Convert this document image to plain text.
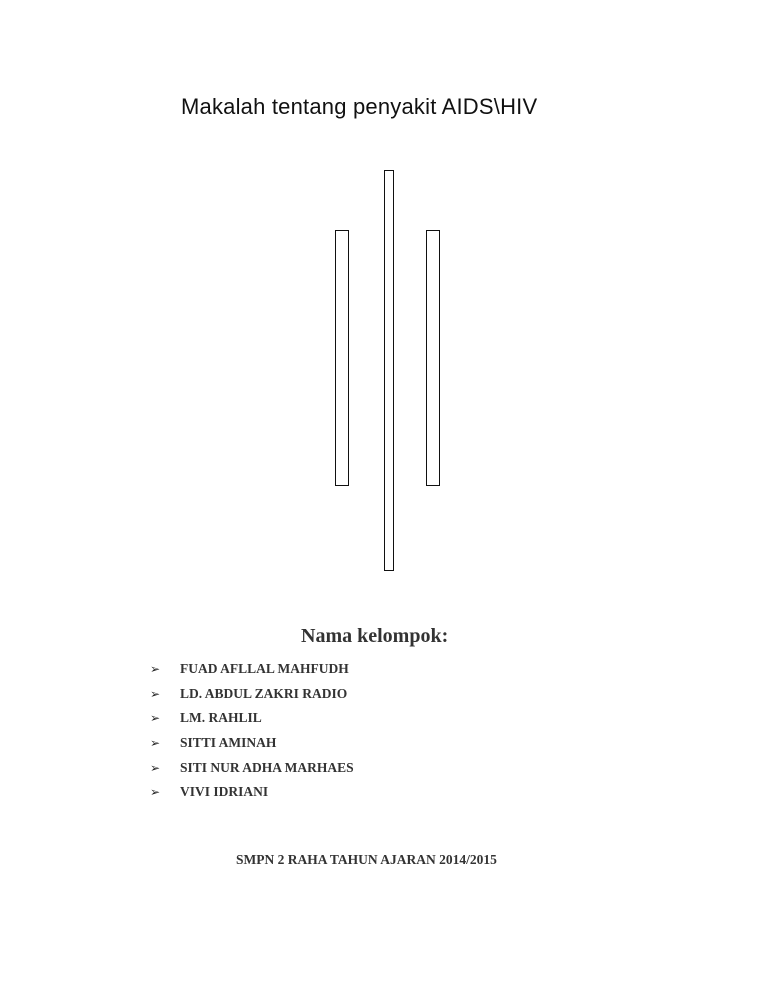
Makalah tentang penyakit AIDS\HIV
Nama kelompok:
➢	FUAD AFLLAL MAHFUDH
➢	LD. ABDUL ZAKRI RADIO
➢	LM. RAHLIL
➢	SITTI AMINAH
➢	SITI NUR ADHA MARHAES
➢	VIVI IDRIANI
SMPN 2 RAHA TAHUN AJARAN 2014/2015
